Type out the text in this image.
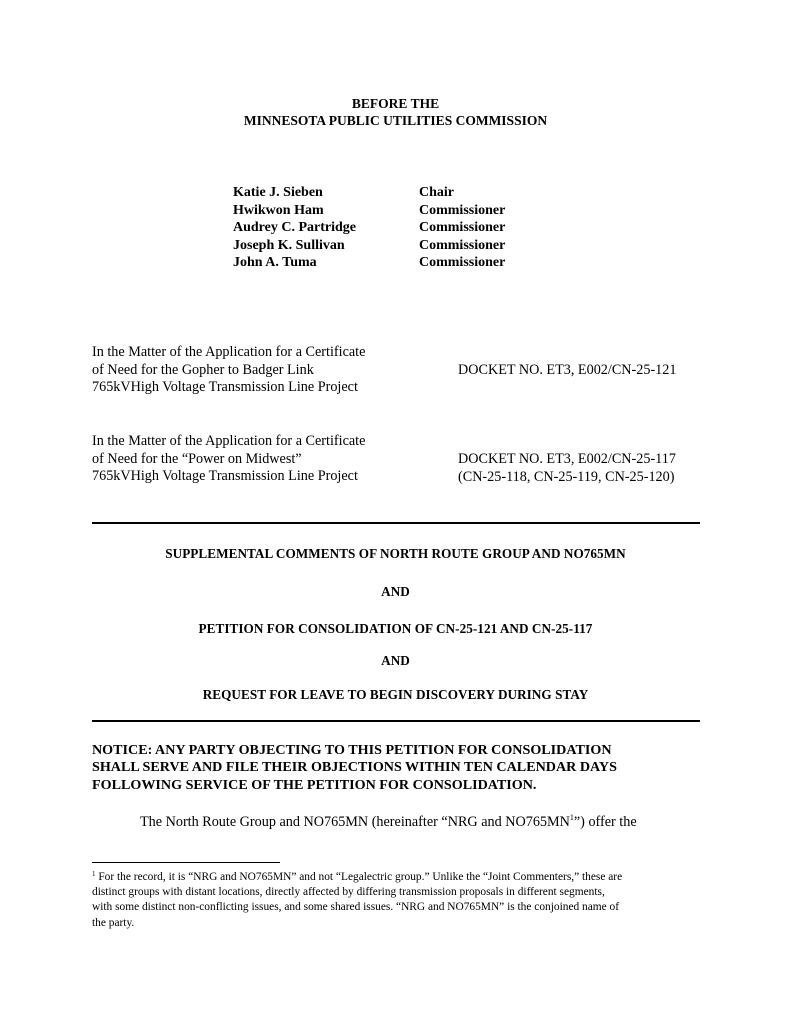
BEFORE THE
MINNESOTA PUBLIC UTILITIES COMMISSION
Katie J. Sieben	Chair
Hwikwon Ham	Commissioner
Audrey C. Partridge	Commissioner
Joseph K. Sullivan	Commissioner
John A. Tuma	Commissioner
In the Matter of the Application for a Certificate
of Need for the Gopher to Badger Link
765kVHigh Voltage Transmission Line Project
DOCKET NO. ET3, E002/CN-25-121
In the Matter of the Application for a Certificate
of Need for the “Power on Midwest”
765kVHigh Voltage Transmission Line Project
DOCKET NO. ET3, E002/CN-25-117
(CN-25-118, CN-25-119, CN-25-120)
SUPPLEMENTAL COMMENTS OF NORTH ROUTE GROUP AND NO765MN
AND
PETITION FOR CONSOLIDATION OF CN-25-121 AND CN-25-117
AND
REQUEST FOR LEAVE TO BEGIN DISCOVERY DURING STAY
NOTICE: ANY PARTY OBJECTING TO THIS PETITION FOR CONSOLIDATION
SHALL SERVE AND FILE THEIR OBJECTIONS WITHIN TEN CALENDAR DAYS
FOLLOWING SERVICE OF THE PETITION FOR CONSOLIDATION.
The North Route Group and NO765MN (hereinafter “NRG and $NO765MN^1$”) offer the
$^1$ For the record, it is “NRG and NO765MN” and not “Legalectric group.” Unlike the “Joint Commenters,” these are
distinct groups with distant locations, directly affected by differing transmission proposals in different segments,
with some distinct non-conflicting issues, and some shared issues. “NRG and NO765MN” is the conjoined name of
the party.
